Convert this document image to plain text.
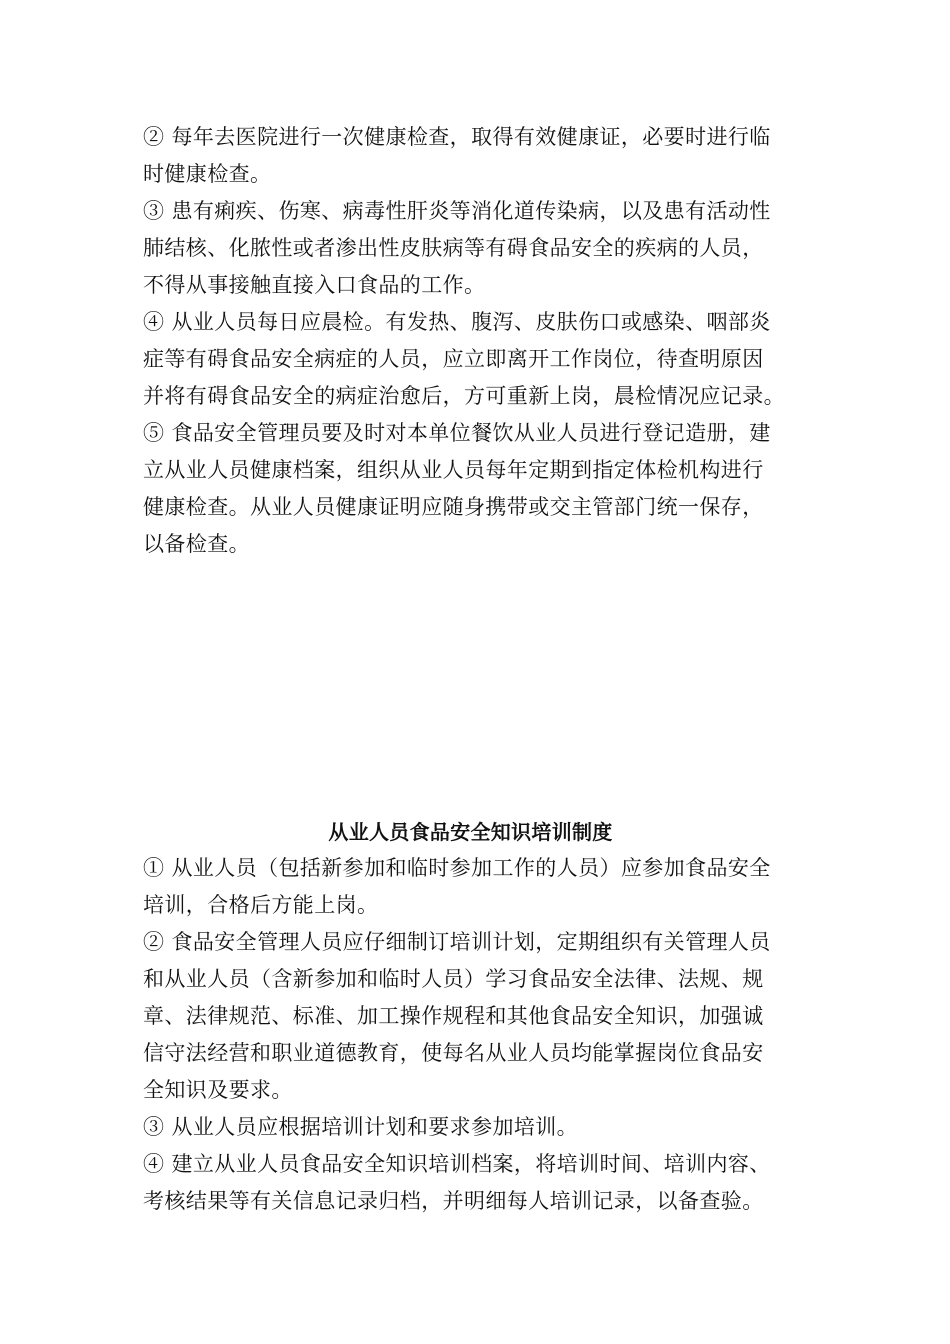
② 每年去医院进行一次健康检查，取得有效健康证，必要时进行临
时健康检查。
③ 患有痢疾、伤寒、病毒性肝炎等消化道传染病，以及患有活动性
肺结核、化脓性或者渗出性皮肤病等有碍食品安全的疾病的人员，
不得从事接触直接入口食品的工作。
④ 从业人员每日应晨检。有发热、腹泻、皮肤伤口或感染、咽部炎
症等有碍食品安全病症的人员，应立即离开工作岗位，待查明原因
并将有碍食品安全的病症治愈后，方可重新上岗，晨检情况应记录。
⑤ 食品安全管理员要及时对本单位餐饮从业人员进行登记造册，建
立从业人员健康档案，组织从业人员每年定期到指定体检机构进行
健康检查。从业人员健康证明应随身携带或交主管部门统一保存，
以备检查。
从业人员食品安全知识培训制度
① 从业人员（包括新参加和临时参加工作的人员）应参加食品安全
培训，合格后方能上岗。
② 食品安全管理人员应仔细制订培训计划，定期组织有关管理人员
和从业人员（含新参加和临时人员）学习食品安全法律、法规、规
章、法律规范、标准、加工操作规程和其他食品安全知识，加强诚
信守法经营和职业道德教育，使每名从业人员均能掌握岗位食品安
全知识及要求。
③ 从业人员应根据培训计划和要求参加培训。
④ 建立从业人员食品安全知识培训档案，将培训时间、培训内容、
考核结果等有关信息记录归档，并明细每人培训记录，以备查验。
